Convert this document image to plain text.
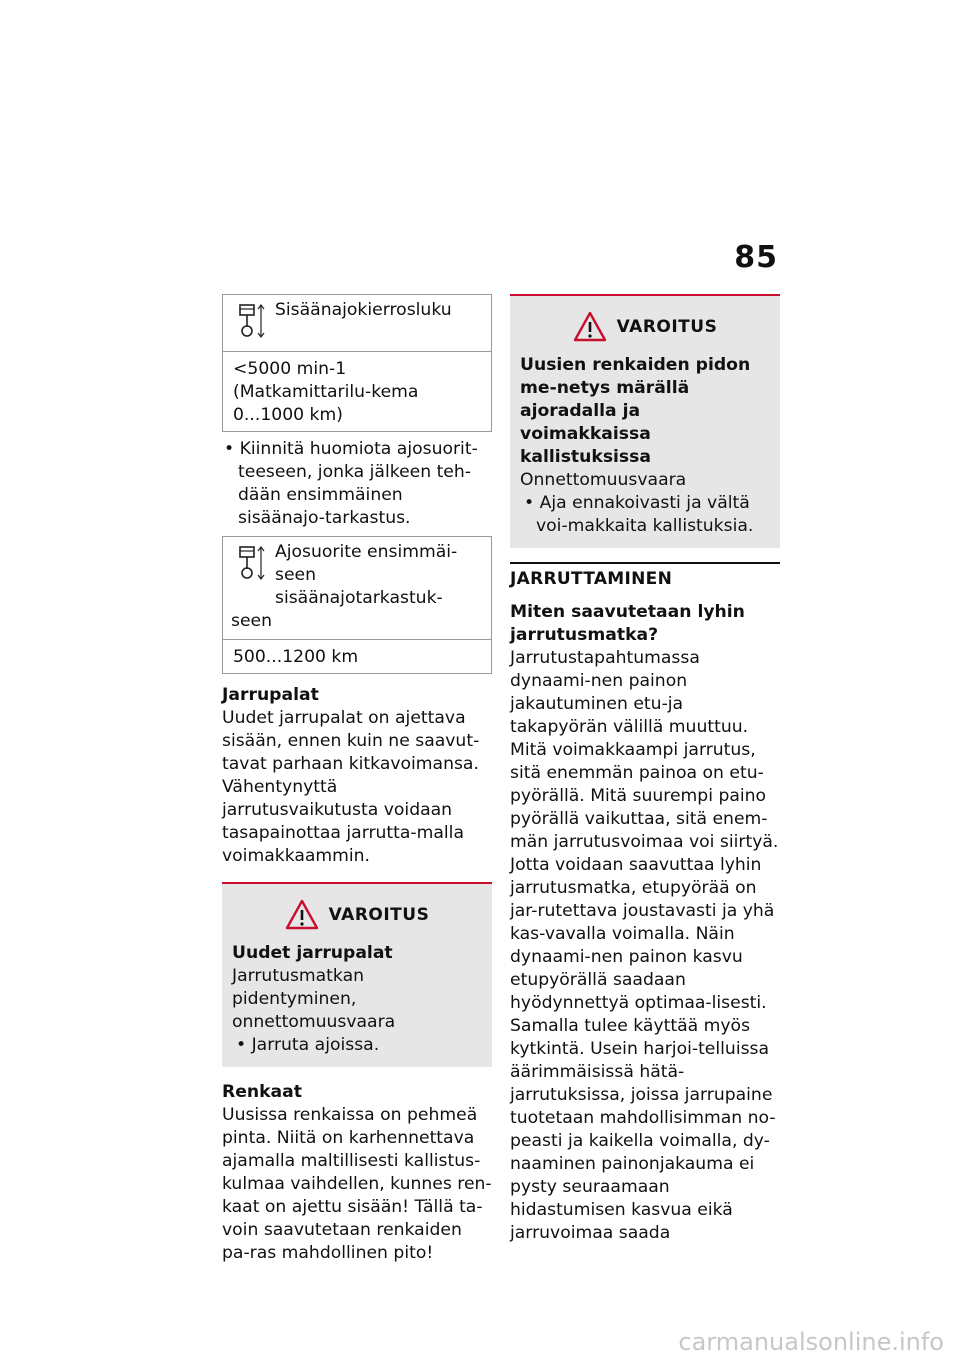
85
Sisäänajokierrosluku
<5000 min-1 (Matkamittarilu-kema 0...1000 km)
• Kiinnitä huomiota ajosuorit-teeseen, jonka jälkeen teh-dään ensimmäinen sisäänajo-tarkastus.
Ajosuorite ensimmäi-seen sisäänajotarkastuk-
seen
500...1200 km
Jarrupalat
Uudet jarrupalat on ajettava sisään, ennen kuin ne saavut-tavat parhaan kitkavoimansa. Vähentynyttä jarrutusvaikutusta voidaan tasapainottaa jarrutta-malla voimakkaammin.
VAROITUS
Uudet jarrupalat
Jarrutusmatkan pidentyminen, onnettomuusvaara
• Jarruta ajoissa.
Renkaat
Uusissa renkaissa on pehmeä pinta. Niitä on karhennettava ajamalla maltillisesti kallistus-kulmaa vaihdellen, kunnes ren-kaat on ajettu sisään! Tällä ta-voin saavutetaan renkaiden pa-ras mahdollinen pito!
VAROITUS
Uusien renkaiden pidon me-netys märällä ajoradalla ja voimakkaissa kallistuksissa
Onnettomuusvaara
• Aja ennakoivasti ja vältä voi-makkaita kallistuksia.
JARRUTTAMINEN
Miten saavutetaan lyhin jarrutusmatka?
Jarrutustapahtumassa dynaami-nen painon jakautuminen etu-ja takapyörän välillä muuttuu. Mitä voimakkaampi jarrutus, sitä enemmän painoa on etu-pyörällä. Mitä suurempi paino pyörällä vaikuttaa, sitä enem-män jarrutusvoimaa voi siirtyä. Jotta voidaan saavuttaa lyhin jarrutusmatka, etupyörää on jar-rutettava joustavasti ja yhä kas-vavalla voimalla. Näin dynaami-nen painon kasvu etupyörällä saadaan hyödynnettyä optimaa-lisesti. Samalla tulee käyttää myös kytkintä. Usein harjoi-telluissa äärimmäisissä hätä-jarrutuksissa, joissa jarrupaine tuotetaan mahdollisimman no-peasti ja kaikella voimalla, dy-naaminen painonjakauma ei pysty seuraamaan hidastumisen kasvua eikä jarruvoimaa saada
carmanualsonline.info
